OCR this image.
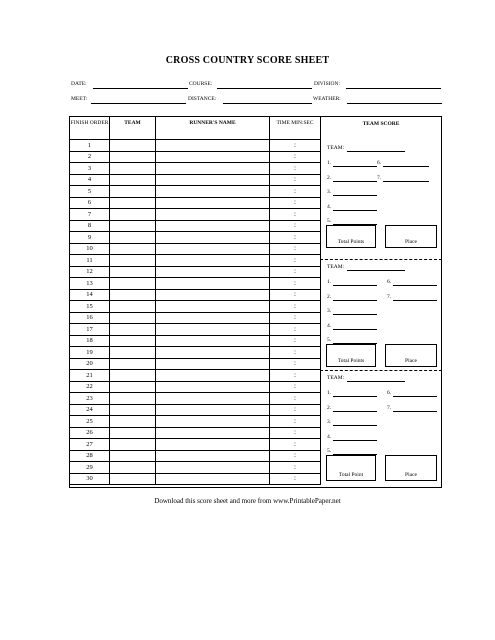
CROSS COUNTRY SCORE SHEET
DATE:	COURSE:	DIVISION:
MEET:	DISTANCE:	WEATHER:
FINISH ORDER	TEAM	RUNNER'S NAME	TIME MIN:SEC
1			:
2			:
3			:
4			:
5			:
6			:
7			:
8			:
9			:
10			:
11			:
12			:
13			:
14			:
15			:
16			:
17			:
18			:
19			:
20			:
21			:
22			:
23			:
24			:
25			:
26			:
27			:
28			:
29			:
30			:
TEAM SCORE
TEAM:
1.
2.
3.
4.
5.
6.
7.
Total Points	Place
TEAM:
1.
2.
3.
4.
5.
6.
7.
Total Points	Place
TEAM:
1.
2.
3.
4.
5.
6.
7.
Total Point	Place
Download this score sheet and more from www.PrintablePaper.net
